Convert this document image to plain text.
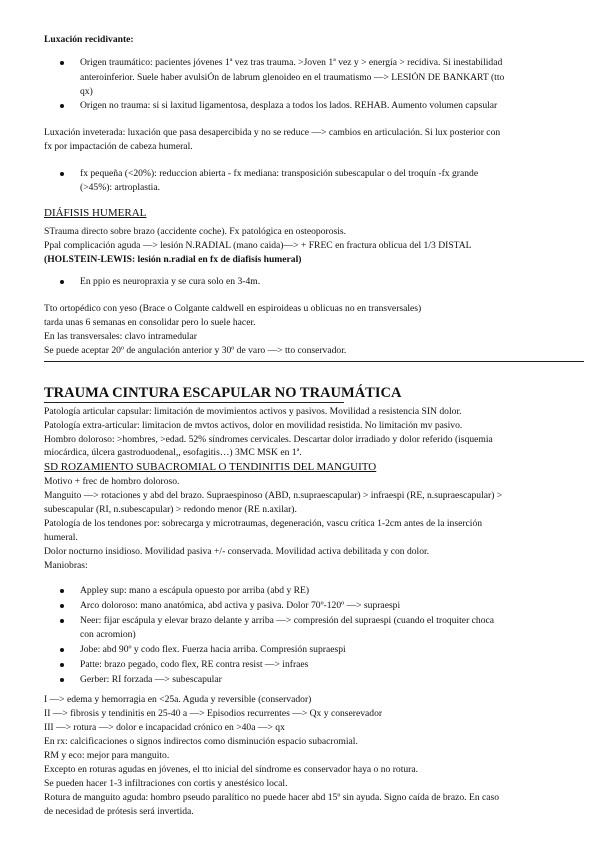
Luxación recidivante:
Origen traumático: pacientes jóvenes 1ª vez tras trauma. >Joven 1ª vez y > energía > recidiva. Si inestabilidad
anteroinferior. Suele haber avulsiÓn de labrum glenoideo en el traumatismo —> LESIÓN DE BANKART (tto
qx)
Origen no trauma: si si laxitud ligamentosa, desplaza a todos los lados. REHAB. Aumento volumen capsular
Luxación inveterada: luxación que pasa desapercibida y no se reduce —> cambios en articulación. Si lux posterior con
fx por impactación de cabeza humeral.
fx pequeña (<20%): reduccion abierta - fx mediana: transposición subescapular o del troquín -fx grande
(>45%): artroplastia.
DIÁFISIS HUMERAL
STrauma directo sobre brazo (accidente coche). Fx patológica en osteoporosis.
Ppal complicación aguda —> lesión N.RADIAL (mano caida)—> + FREC en fractura oblicua del 1/3 DISTAL
(HOLSTEIN-LEWIS: lesión n.radial en fx de diafisis humeral)
En ppio es neuropraxia y se cura solo en 3-4m.
Tto ortopédico con yeso (Brace o Colgante caldwell en espiroideas u oblicuas no en transversales)
tarda unas 6 semanas en consolidar pero lo suele hacer.
En las transversales: clavo intramedular
Se puede aceptar 20º de angulación anterior y 30º de varo —> tto conservador.
TRAUMA CINTURA ESCAPULAR NO TRAUMÁTICA
Patología articular capsular: limitación de movimientos activos y pasivos. Movilidad a resistencia SIN dolor.
Patología extra-articular: limitacion de mvtos activos, dolor en movilidad resistida. No limitación mv pasivo.
Hombro doloroso: >hombres, >edad. 52% síndromes cervicales. Descartar dolor irradiado y dolor referido (isquemia
miocárdica, úlcera gastroduodenal,, esofagitis…) 3MC MSK en 1ª.
SD ROZAMIENTO SUBACROMIAL O TENDINITIS DEL MANGUITO
Motivo + frec de hombro doloroso.
Manguito —> rotaciones y abd del brazo. Supraespinoso (ABD, n.supraescapular) > infraespi (RE, n.supraescapular) >
subescapular (RI, n.subescapular) > redondo menor (RE n.axilar).
Patología de los tendones por: sobrecarga y microtraumas, degeneración, vascu crítica 1-2cm antes de la inserción
humeral.
Dolor nocturno insidioso. Movilidad pasiva +/- conservada. Movilidad activa debilitada y con dolor.
Maniobras:
Appley sup: mano a escápula opuesto por arriba (abd y RE)
Arco doloroso: mano anatómica, abd activa y pasiva. Dolor 70º-120º —> supraespi
Neer: fijar escápula y elevar brazo delante y arriba —> compresión del supraespi (cuando el troquiter choca
con acromion)
Jobe: abd 90º y codo flex. Fuerza hacia arriba. Compresión supraespi
Patte: brazo pegado, codo flex, RE contra resist —> infraes
Gerber: RI forzada —> subescapular
I —> edema y hemorragia en <25a. Aguda y reversible (conservador)
II —> fibrosis y tendinitis en 25-40 a —> Episodios recurrentes —> Qx y conserevador
III —> rotura —> dolor e incapacidad crónico en >40a —> qx
En rx: calcificaciones o signos indirectos como disminución espacio subacromial.
RM y eco: mejor para manguito.
Excepto en roturas agudas en jóvenes, el tto inicial del síndrome es conservador haya o no rotura.
Se pueden hacer 1-3 infiltraciones con cortis y anestésico local.
Rotura de manguito aguda: hombro pseudo paralítico no puede hacer abd 15º sin ayuda. Signo caída de brazo. En caso
de necesidad de prótesis será invertida.
